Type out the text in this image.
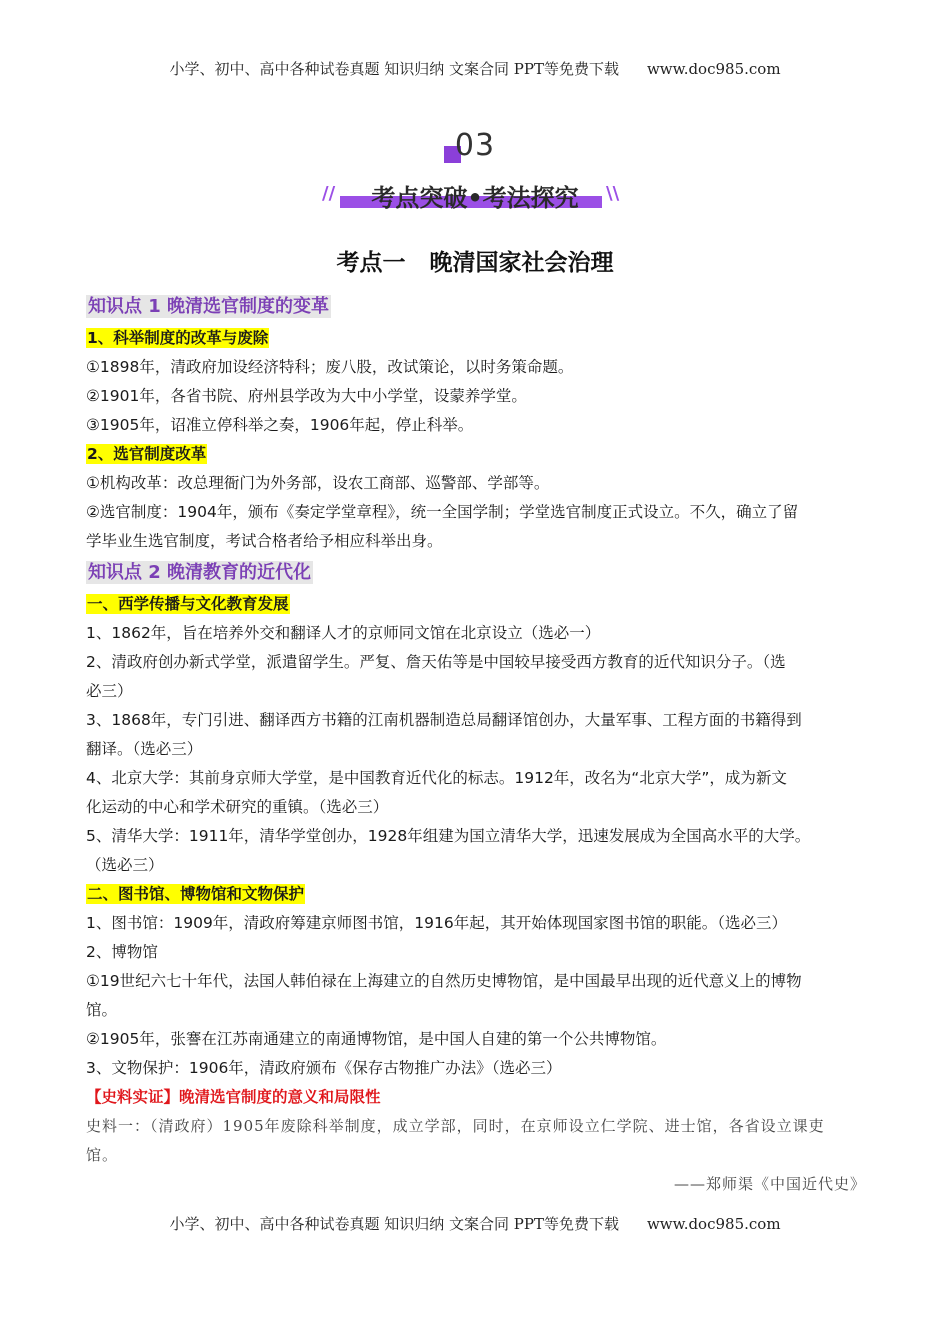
小学、初中、高中各种试卷真题 知识归纳 文案合同 PPT等免费下载 www.doc985.com
03
//	\\
考点突破•考法探究
考点一   晚清国家社会治理
知识点 1 晚清选官制度的变革
1、科举制度的改革与废除
①1898年，清政府加设经济特科；废八股，改试策论，以时务策命题。
②1901年，各省书院、府州县学改为大中小学堂，设蒙养学堂。
③1905年，诏准立停科举之奏，1906年起，停止科举。
2、选官制度改革
①机构改革：改总理衙门为外务部，设农工商部、巡警部、学部等。
②选官制度：1904年，颁布《奏定学堂章程》，统一全国学制；学堂选官制度正式设立。不久，确立了留
学毕业生选官制度，考试合格者给予相应科举出身。
知识点 2 晚清教育的近代化
一、西学传播与文化教育发展
1、1862年，旨在培养外交和翻译人才的京师同文馆在北京设立（选必一）
2、清政府创办新式学堂，派遣留学生。严复、詹天佑等是中国较早接受西方教育的近代知识分子。（选
必三）
3、1868年，专门引进、翻译西方书籍的江南机器制造总局翻译馆创办，大量军事、工程方面的书籍得到
翻译。（选必三）
4、北京大学：其前身京师大学堂，是中国教育近代化的标志。1912年，改名为“北京大学”，成为新文
化运动的中心和学术研究的重镇。（选必三）
5、清华大学：1911年，清华学堂创办，1928年组建为国立清华大学，迅速发展成为全国高水平的大学。
（选必三）
二、图书馆、博物馆和文物保护
1、图书馆：1909年，清政府筹建京师图书馆，1916年起，其开始体现国家图书馆的职能。（选必三）
2、博物馆
①19世纪六七十年代，法国人韩伯禄在上海建立的自然历史博物馆，是中国最早出现的近代意义上的博物
馆。
②1905年，张謇在江苏南通建立的南通博物馆，是中国人自建的第一个公共博物馆。
3、文物保护：1906年，清政府颁布《保存古物推广办法》（选必三）
【史料实证】晚清选官制度的意义和局限性
史料一：（清政府）1905年废除科举制度，成立学部，同时，在京师设立仁学院、进士馆，各省设立课吏
馆。
——郑师渠《中国近代史》
小学、初中、高中各种试卷真题 知识归纳 文案合同 PPT等免费下载 www.doc985.com
